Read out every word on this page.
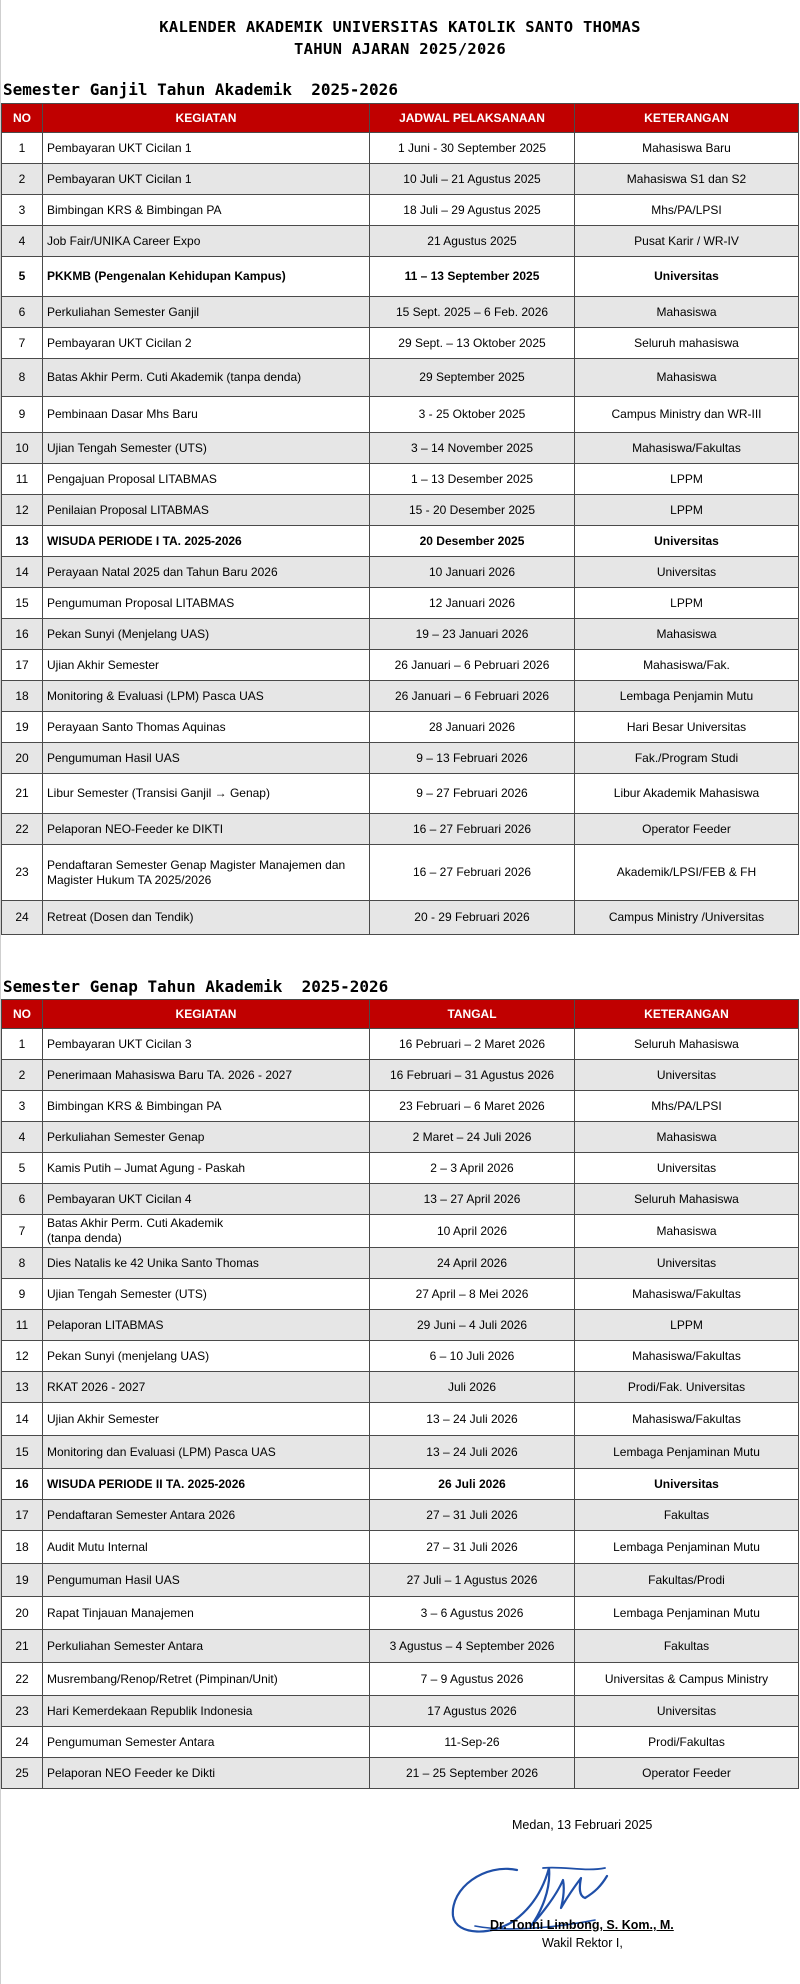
KALENDER AKADEMIK UNIVERSITAS KATOLIK SANTO THOMAS
TAHUN AJARAN 2025/2026
Semester Ganjil Tahun Akademik  2025-2026
NO	KEGIATAN	JADWAL PELAKSANAAN	KETERANGAN
1	Pembayaran UKT Cicilan 1	1 Juni - 30 September 2025	Mahasiswa Baru
2	Pembayaran UKT Cicilan 1	10 Juli – 21 Agustus 2025	Mahasiswa S1 dan S2
3	Bimbingan KRS & Bimbingan PA	18 Juli – 29 Agustus 2025	Mhs/PA/LPSI
4	Job Fair/UNIKA Career Expo	21 Agustus 2025	Pusat Karir / WR-IV
5	PKKMB (Pengenalan Kehidupan Kampus)	11 – 13 September 2025	Universitas
6	Perkuliahan Semester Ganjil	15 Sept. 2025 – 6 Feb. 2026	Mahasiswa
7	Pembayaran UKT Cicilan 2	29 Sept. – 13 Oktober 2025	Seluruh mahasiswa
8	Batas Akhir Perm. Cuti Akademik (tanpa denda)	29 September 2025	Mahasiswa
9	Pembinaan Dasar Mhs Baru	3 - 25 Oktober 2025	Campus Ministry dan WR-III
10	Ujian Tengah Semester (UTS)	3 – 14 November 2025	Mahasiswa/Fakultas
11	Pengajuan Proposal LITABMAS	1 – 13 Desember 2025	LPPM
12	Penilaian Proposal LITABMAS	15 - 20 Desember 2025	LPPM
13	WISUDA PERIODE I TA. 2025-2026	20 Desember 2025	Universitas
14	Perayaan Natal 2025 dan Tahun Baru 2026	10 Januari 2026	Universitas
15	Pengumuman Proposal LITABMAS	12 Januari 2026	LPPM
16	Pekan Sunyi (Menjelang UAS)	19 – 23 Januari 2026	Mahasiswa
17	Ujian Akhir Semester	26 Januari – 6 Pebruari 2026	Mahasiswa/Fak.
18	Monitoring & Evaluasi (LPM) Pasca UAS	26 Januari – 6 Februari 2026	Lembaga Penjamin Mutu
19	Perayaan Santo Thomas Aquinas	28 Januari 2026	Hari Besar Universitas
20	Pengumuman Hasil UAS	9 – 13 Februari 2026	Fak./Program Studi
21	Libur Semester (Transisi Ganjil → Genap)	9 – 27 Februari 2026	Libur Akademik Mahasiswa
22	Pelaporan NEO-Feeder ke DIKTI	16 – 27 Februari 2026	Operator Feeder
23	Pendaftaran Semester Genap Magister Manajemen dan Magister Hukum TA 2025/2026	16 – 27 Februari 2026	Akademik/LPSI/FEB & FH
24	Retreat (Dosen dan Tendik)	20 - 29 Februari 2026	Campus Ministry /Universitas
Semester Genap Tahun Akademik  2025-2026
NO	KEGIATAN	TANGAL	KETERANGAN
1	Pembayaran UKT Cicilan 3	16 Pebruari – 2 Maret 2026	Seluruh Mahasiswa
2	Penerimaan Mahasiswa Baru TA. 2026 - 2027	16 Februari – 31 Agustus 2026	Universitas
3	Bimbingan KRS & Bimbingan PA	23 Februari – 6 Maret 2026	Mhs/PA/LPSI
4	Perkuliahan Semester Genap	2 Maret – 24 Juli 2026	Mahasiswa
5	Kamis Putih – Jumat Agung - Paskah	2 – 3 April 2026	Universitas
6	Pembayaran UKT Cicilan 4	13 – 27 April 2026	Seluruh Mahasiswa
7	Batas Akhir Perm. Cuti Akademik
(tanpa denda)	10 April 2026	Mahasiswa
8	Dies Natalis ke 42 Unika Santo Thomas	24 April 2026	Universitas
9	Ujian Tengah Semester (UTS)	27 April – 8 Mei 2026	Mahasiswa/Fakultas
11	Pelaporan LITABMAS	29 Juni – 4 Juli 2026	LPPM
12	Pekan Sunyi (menjelang UAS)	6 – 10 Juli 2026	Mahasiswa/Fakultas
13	RKAT 2026 - 2027	Juli 2026	Prodi/Fak. Universitas
14	Ujian Akhir Semester	13 – 24 Juli 2026	Mahasiswa/Fakultas
15	Monitoring dan Evaluasi (LPM) Pasca UAS	13 – 24 Juli 2026	Lembaga Penjaminan Mutu
16	WISUDA PERIODE II TA. 2025-2026	26 Juli 2026	Universitas
17	Pendaftaran Semester Antara 2026	27 – 31 Juli 2026	Fakultas
18	Audit Mutu Internal	27 – 31 Juli 2026	Lembaga Penjaminan Mutu
19	Pengumuman Hasil UAS	27 Juli – 1 Agustus 2026	Fakultas/Prodi
20	Rapat Tinjauan Manajemen	3 – 6 Agustus 2026	Lembaga Penjaminan Mutu
21	Perkuliahan Semester Antara	3 Agustus – 4 September 2026	Fakultas
22	Musrembang/Renop/Retret (Pimpinan/Unit)	7 – 9 Agustus 2026	Universitas & Campus Ministry
23	Hari Kemerdekaan Republik Indonesia	17 Agustus 2026	Universitas
24	Pengumuman Semester Antara	11-Sep-26	Prodi/Fakultas
25	Pelaporan NEO Feeder ke Dikti	21 – 25 September 2026	Operator Feeder
Medan, 13 Februari 2025
Dr. Tonni Limbong, S. Kom., M.
Wakil Rektor I,
